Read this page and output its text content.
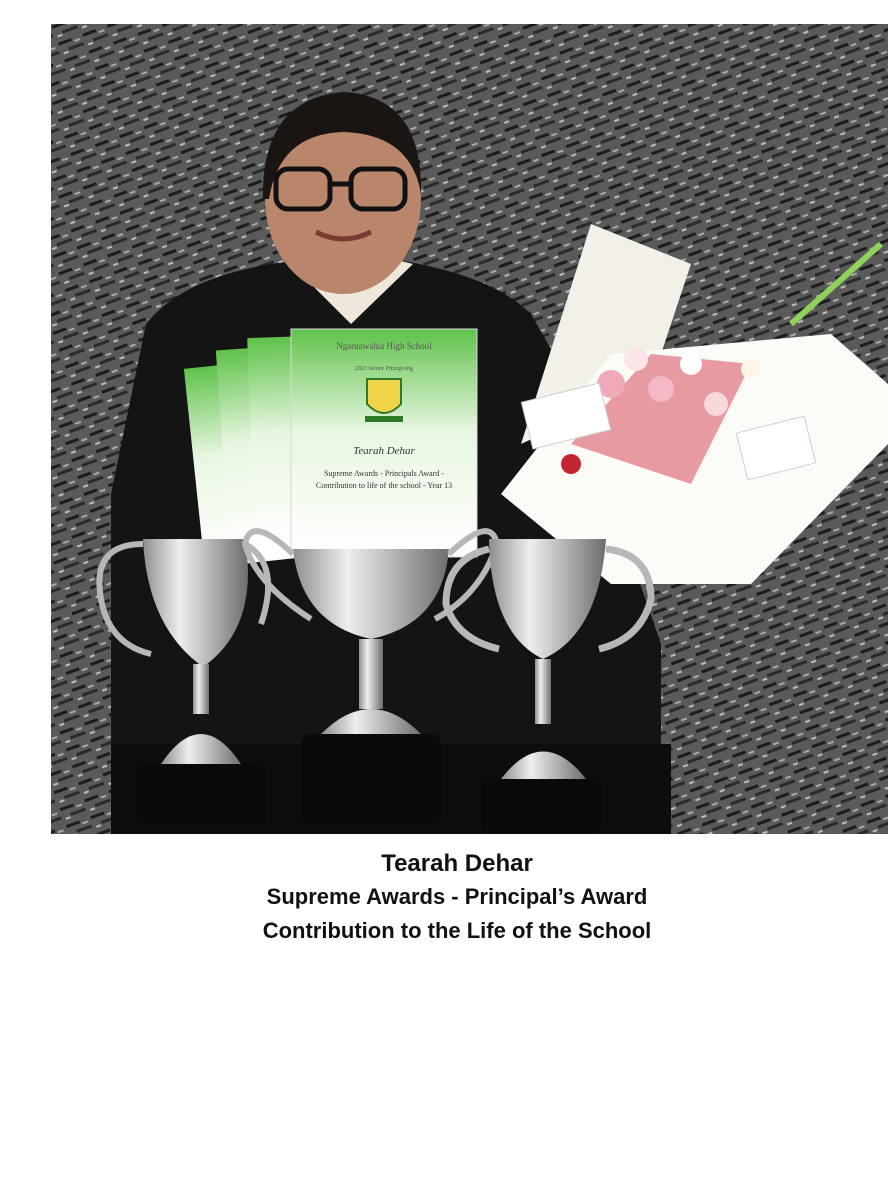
Ngaruawahia High School
2023 Senior Prizegiving
Tearah Dehar
Supreme Awards - Principals Award -
Contribution to life of the school - Year 13
Tearah Dehar
Supreme Awards - Principal’s Award
Contribution to the Life of the School
